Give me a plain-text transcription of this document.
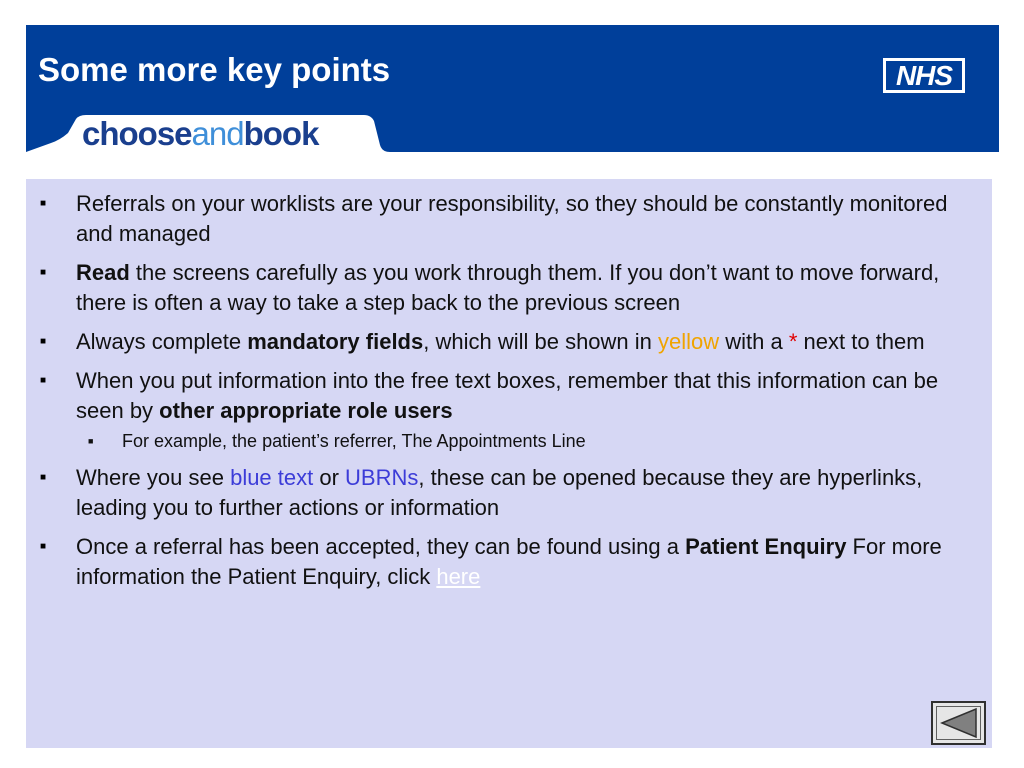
Some more key points	NHS
chooseandbook
■ Referrals on your worklists are your responsibility, so they should be constantly monitored and managed
■ Read the screens carefully as you work through them. If you don’t want to move forward, there is often a way to take a step back to the previous screen
■ Always complete mandatory fields, which will be shown in yellow with a * next to them
■ When you put information into the free text boxes, remember that this information can be seen by other appropriate role users
■ For example, the patient’s referrer, The Appointments Line
■ Where you see blue text or UBRNs, these can be opened because they are hyperlinks, leading you to further actions or information
■ Once a referral has been accepted, they can be found using a Patient Enquiry For more information the Patient Enquiry, click here
